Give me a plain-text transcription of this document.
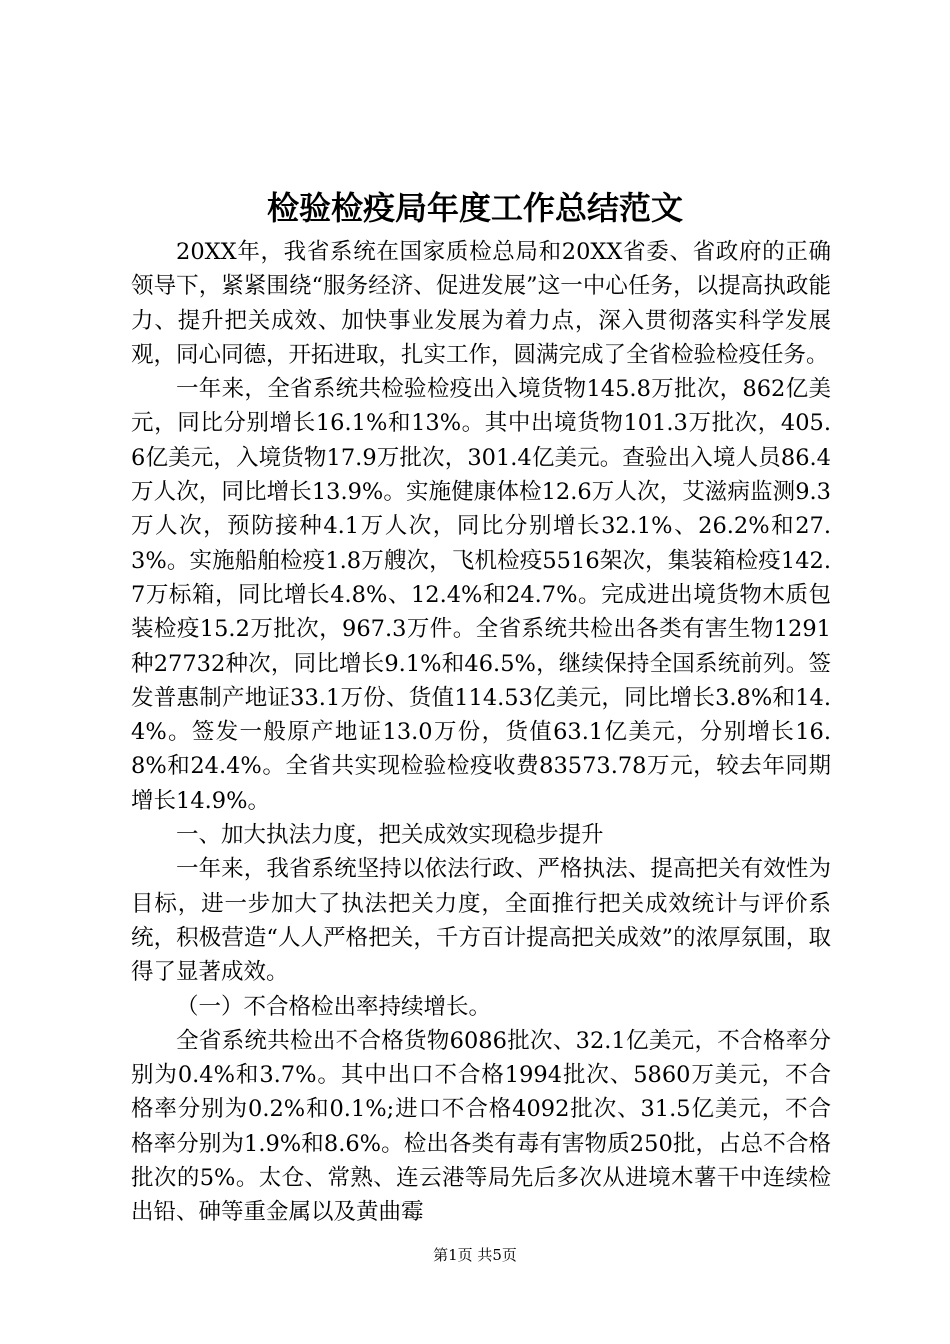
检验检疫局年度工作总结范文

20XX年，我省系统在国家质检总局和20XX省委、省政府的正确领导下，紧紧围绕“服务经济、促进发展”这一中心任务，以提高执政能力、提升把关成效、加快事业发展为着力点，深入贯彻落实科学发展观，同心同德，开拓进取，扎实工作，圆满完成了全省检验检疫任务。

一年来，全省系统共检验检疫出入境货物145.8万批次，862亿美元，同比分别增长16.1%和13%。其中出境货物101.3万批次，405.6亿美元，入境货物17.9万批次，301.4亿美元。查验出入境人员86.4万人次，同比增长13.9%。实施健康体检12.6万人次，艾滋病监测9.3万人次，预防接种4.1万人次，同比分别增长32.1%、26.2%和27.3%。实施船舶检疫1.8万艘次，飞机检疫5516架次，集装箱检疫142.7万标箱，同比增长4.8%、12.4%和24.7%。完成进出境货物木质包装检疫15.2万批次，967.3万件。全省系统共检出各类有害生物1291种27732种次，同比增长9.1%和46.5%，继续保持全国系统前列。签发普惠制产地证33.1万份、货值114.53亿美元，同比增长3.8%和14.4%。签发一般原产地证13.0万份，货值63.1亿美元，分别增长16.8%和24.4%。全省共实现检验检疫收费83573.78万元，较去年同期增长14.9%。

一、加大执法力度，把关成效实现稳步提升

一年来，我省系统坚持以依法行政、严格执法、提高把关有效性为目标，进一步加大了执法把关力度，全面推行把关成效统计与评价系统，积极营造“人人严格把关，千方百计提高把关成效”的浓厚氛围，取得了显著成效。

（一）不合格检出率持续增长。

全省系统共检出不合格货物6086批次、32.1亿美元，不合格率分别为0.4%和3.7%。其中出口不合格1994批次、5860万美元，不合格率分别为0.2%和0.1%;进口不合格4092批次、31.5亿美元，不合格率分别为1.9%和8.6%。检出各类有毒有害物质250批，占总不合格批次的5%。太仓、常熟、连云港等局先后多次从进境木薯干中连续检出铅、砷等重金属以及黄曲霉

第1页 共5页
